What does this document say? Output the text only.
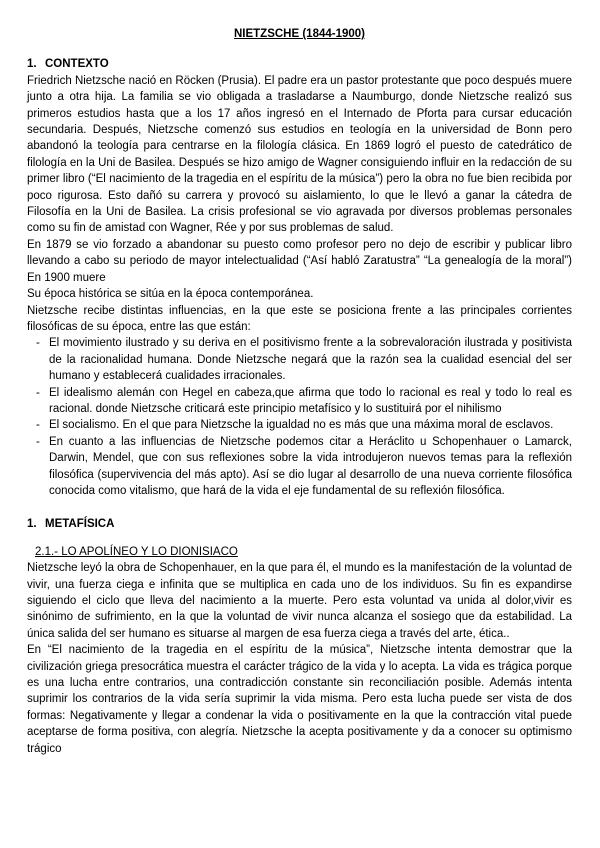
NIETZSCHE (1844-1900)
1. CONTEXTO

Friedrich Nietzsche nació en Röcken (Prusia). El padre era un pastor protestante que poco después muere junto a otra hija. La familia se vio obligada a trasladarse a Naumburgo, donde Nietzsche realizó sus primeros estudios hasta que a los 17 años ingresó en el Internado de Pforta para cursar educación secundaria. Después, Nietzsche comenzó sus estudios en teología en la universidad de Bonn pero abandonó la teología para centrarse en la filología clásica. En 1869 logró el puesto de catedrático de filología en la Uni de Basilea. Después se hizo amigo de Wagner consiguiendo influir en la redacción de su primer libro (“El nacimiento de la tragedia en el espíritu de la música”) pero la obra no fue bien recibida por poco rigurosa. Esto dañó su carrera y provocó su aislamiento, lo que le llevó a ganar la cátedra de Filosofía en la Uni de Basilea. La crisis profesional se vio agravada por diversos problemas personales como su fin de amistad con Wagner, Rée y por sus problemas de salud.

En 1879 se vio forzado a abandonar su puesto como profesor pero no dejo de escribir y publicar libro llevando a cabo su periodo de mayor intelectualidad (“Así habló Zaratustra” “La genealogía de la moral”) En 1900 muere

Su época histórica se sitúa en la época contemporánea.

Nietzsche recibe distintas influencias, en la que este se posiciona frente a las principales corrientes filosóficas de su época, entre las que están:

- El movimiento ilustrado y su deriva en el positivismo frente a la sobrevaloración ilustrada y positivista de la racionalidad humana. Donde Nietzsche negará que la razón sea la cualidad esencial del ser humano y establecerá cualidades irracionales.
- El idealismo alemán con Hegel en cabeza,que afirma que todo lo racional es real y todo lo real es racional. donde Nietzsche criticará este principio metafísico y lo sustituirá por el nihilismo
- El socialismo. En el que para Nietzsche la igualdad no es más que una máxima moral de esclavos.
- En cuanto a las influencias de Nietzsche podemos citar a Heráclito u Schopenhauer o Lamarck, Darwin, Mendel, que con sus reflexiones sobre la vida introdujeron nuevos temas para la reflexión filosófica (supervivencia del más apto). Así se dio lugar al desarrollo de una nueva corriente filosófica conocida como vitalismo, que hará de la vida el eje fundamental de su reflexión filosófica.
1. METAFÍSICA
2.1.- LO APOLÍNEO Y LO DIONISIACO

Nietzsche leyó la obra de Schopenhauer, en la que para él, el mundo es la manifestación de la voluntad de vivir, una fuerza ciega e infinita que se multiplica en cada uno de los individuos. Su fin es expandirse siguiendo el ciclo que lleva del nacimiento a la muerte. Pero esta voluntad va unida al dolor,vivir es sinónimo de sufrimiento, en la que la voluntad de vivir nunca alcanza el sosiego que da estabilidad. La única salida del ser humano es situarse al margen de esa fuerza ciega a través del arte, ética..

En “El nacimiento de la tragedia en el espíritu de la música”, Nietzsche intenta demostrar que la civilización griega presocrática muestra el carácter trágico de la vida y lo acepta. La vida es trágica porque es una lucha entre contrarios, una contradicción constante sin reconciliación posible. Además intenta suprimir los contrarios de la vida sería suprimir la vida misma. Pero esta lucha puede ser vista de dos formas: Negativamente y llegar a condenar la vida o positivamente en la que la contracción vital puede aceptarse de forma positiva, con alegría. Nietzsche la acepta positivamente y da a conocer su optimismo trágico
